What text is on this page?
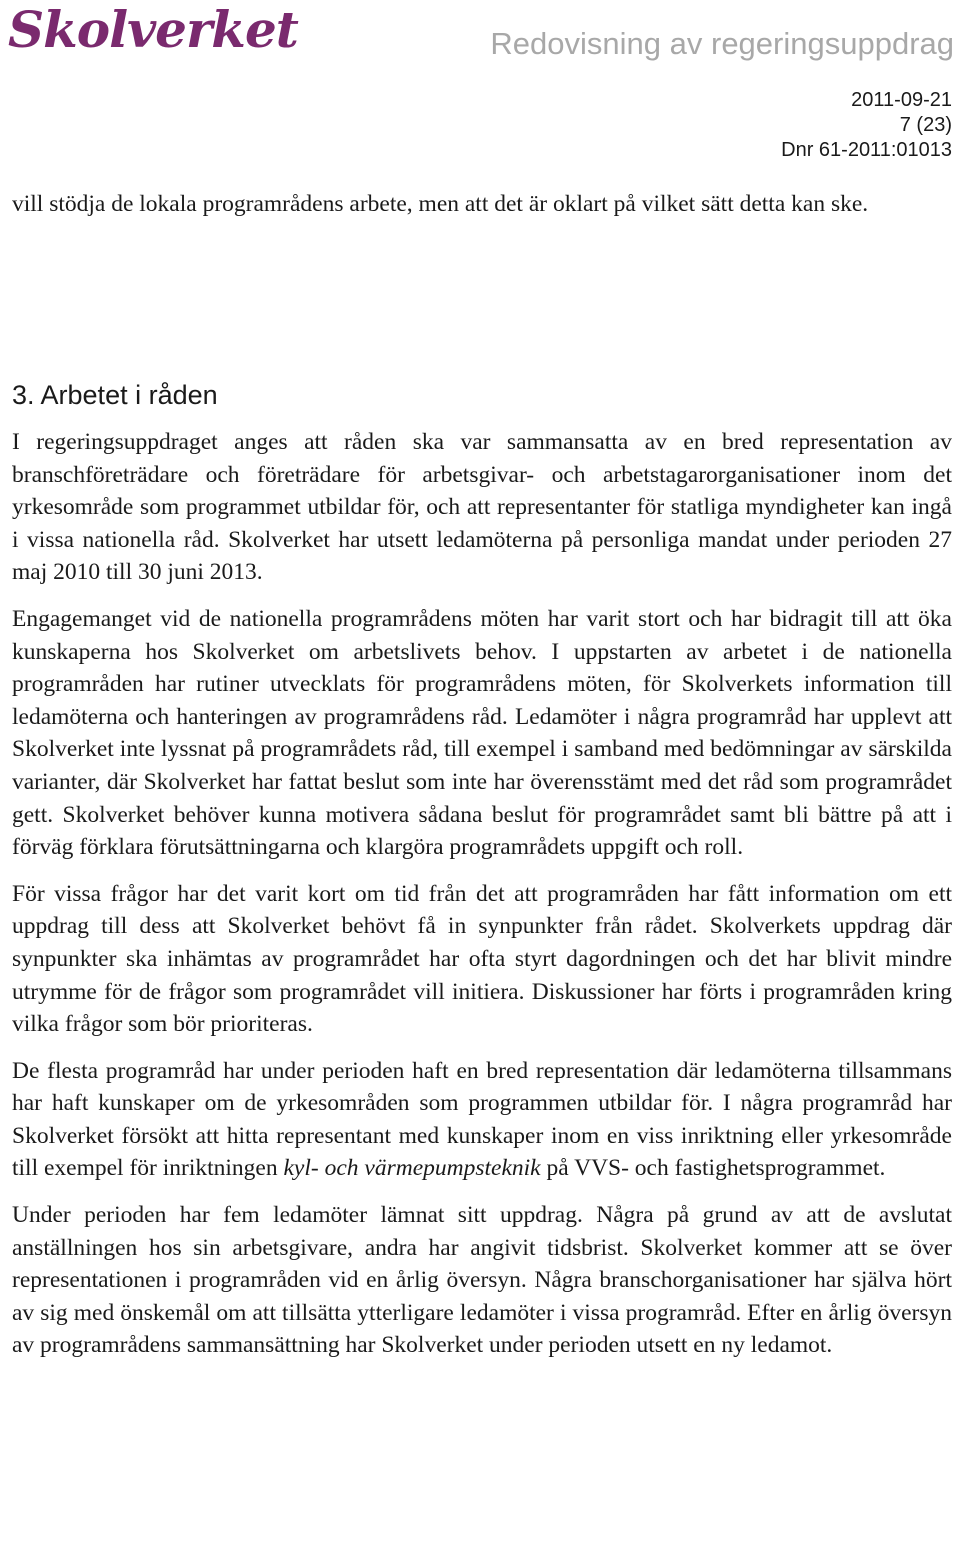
Skolverket	Redovisning av regeringsuppdrag
2011-09-21
7 (23)
Dnr 61-2011:01013

vill stödja de lokala programrådens arbete, men att det är oklart på vilket sätt detta kan ske.

3. Arbetet i råden

I regeringsuppdraget anges att råden ska var sammansatta av en bred representation av branschföreträdare och företrädare för arbetsgivar- och arbetstagarorganisationer inom det yrkesområde som programmet utbildar för, och att representanter för statliga myndigheter kan ingå i vissa nationella råd. Skolverket har utsett ledamöterna på personliga mandat under perioden 27 maj 2010 till 30 juni 2013.

Engagemanget vid de nationella programrådens möten har varit stort och har bidragit till att öka kunskaperna hos Skolverket om arbetslivets behov. I uppstarten av arbetet i de nationella programråden har rutiner utvecklats för programrådens möten, för Skolverkets information till ledamöterna och hanteringen av programrådens råd. Ledamöter i några programråd har upplevt att Skolverket inte lyssnat på programrådets råd, till exempel i samband med bedömningar av särskilda varianter, där Skolverket har fattat beslut som inte har överensstämt med det råd som programrådet gett. Skolverket behöver kunna motivera sådana beslut för programrådet samt bli bättre på att i förväg förklara förutsättningarna och klargöra programrådets uppgift och roll.

För vissa frågor har det varit kort om tid från det att programråden har fått information om ett uppdrag till dess att Skolverket behövt få in synpunkter från rådet. Skolverkets uppdrag där synpunkter ska inhämtas av programrådet har ofta styrt dagordningen och det har blivit mindre utrymme för de frågor som programrådet vill initiera. Diskussioner har förts i programråden kring vilka frågor som bör prioriteras.

De flesta programråd har under perioden haft en bred representation där ledamöterna tillsammans har haft kunskaper om de yrkesområden som programmen utbildar för. I några programråd har Skolverket försökt att hitta representant med kunskaper inom en viss inriktning eller yrkesområde till exempel för inriktningen kyl- och värmepumpsteknik på VVS- och fastighetsprogrammet.

Under perioden har fem ledamöter lämnat sitt uppdrag. Några på grund av att de avslutat anställningen hos sin arbetsgivare, andra har angivit tidsbrist. Skolverket kommer att se över representationen i programråden vid en årlig översyn. Några branschorganisationer har själva hört av sig med önskemål om att tillsätta ytterligare ledamöter i vissa programråd. Efter en årlig översyn av programrådens sammansättning har Skolverket under perioden utsett en ny ledamot.
